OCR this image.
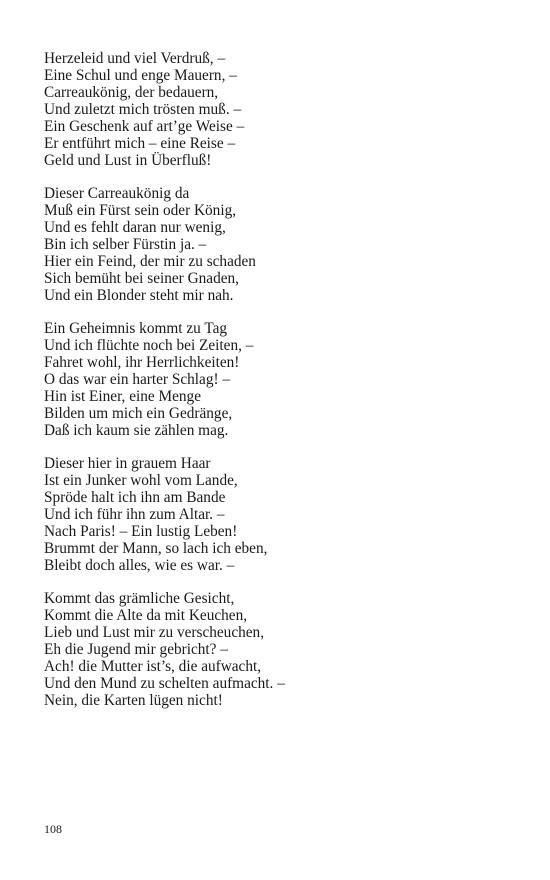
Herzeleid und viel Verdruß, –
Eine Schul und enge Mauern, –
Carreaukönig, der bedauern,
Und zuletzt mich trösten muß. –
Ein Geschenk auf art’ge Weise –
Er entführt mich – eine Reise –
Geld und Lust in Überfluß!
Dieser Carreaukönig da
Muß ein Fürst sein oder König,
Und es fehlt daran nur wenig,
Bin ich selber Fürstin ja. –
Hier ein Feind, der mir zu schaden
Sich bemüht bei seiner Gnaden,
Und ein Blonder steht mir nah.
Ein Geheimnis kommt zu Tag
Und ich flüchte noch bei Zeiten, –
Fahret wohl, ihr Herrlichkeiten!
O das war ein harter Schlag! –
Hin ist Einer, eine Menge
Bilden um mich ein Gedränge,
Daß ich kaum sie zählen mag.
Dieser hier in grauem Haar
Ist ein Junker wohl vom Lande,
Spröde halt ich ihn am Bande
Und ich führ ihn zum Altar. –
Nach Paris! – Ein lustig Leben!
Brummt der Mann, so lach ich eben,
Bleibt doch alles, wie es war. –
Kommt das grämliche Gesicht,
Kommt die Alte da mit Keuchen,
Lieb und Lust mir zu verscheuchen,
Eh die Jugend mir gebricht? –
Ach! die Mutter ist’s, die aufwacht,
Und den Mund zu schelten aufmacht. –
Nein, die Karten lügen nicht!
108
